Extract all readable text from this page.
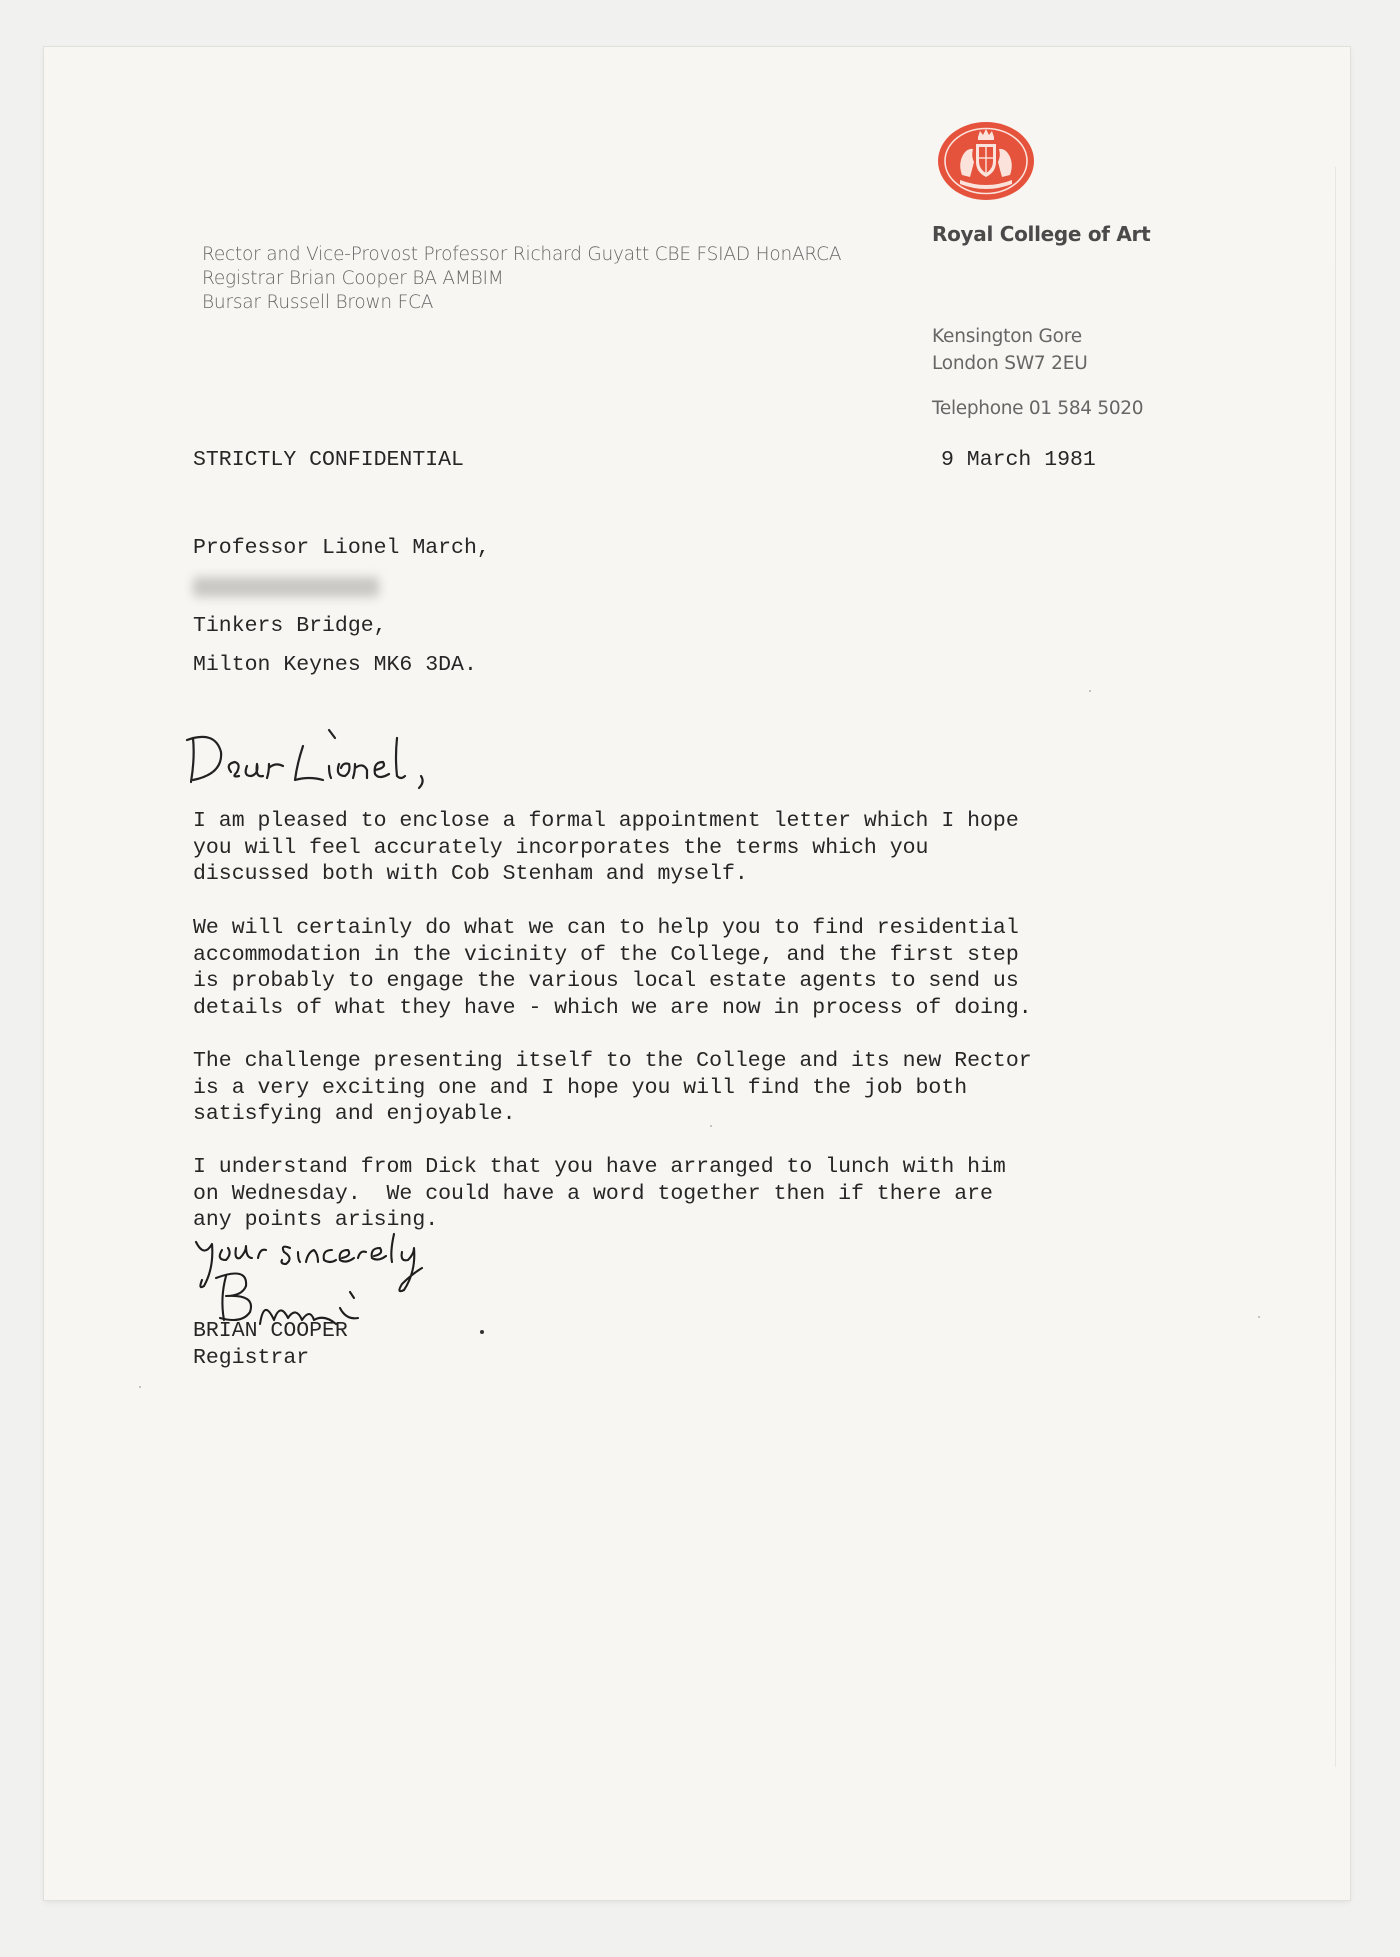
Rector and Vice-Provost Professor Richard Guyatt CBE FSIAD HonARCA
Registrar Brian Cooper BA AMBIM
Bursar Russell Brown FCA
Royal College of Art
Kensington Gore
London SW7 2EU
Telephone 01 584 5020
STRICTLY CONFIDENTIAL	9 March 1981
Professor Lionel March,
Tinkers Bridge,
Milton Keynes MK6 3DA.
I am pleased to enclose a formal appointment letter which I hope
you will feel accurately incorporates the terms which you
discussed both with Cob Stenham and myself.
We will certainly do what we can to help you to find residential
accommodation in the vicinity of the College, and the first step
is probably to engage the various local estate agents to send us
details of what they have - which we are now in process of doing.
The challenge presenting itself to the College and its new Rector
is a very exciting one and I hope you will find the job both
satisfying and enjoyable.
I understand from Dick that you have arranged to lunch with him
on Wednesday.  We could have a word together then if there are
any points arising.
BRIAN COOPER
Registrar
